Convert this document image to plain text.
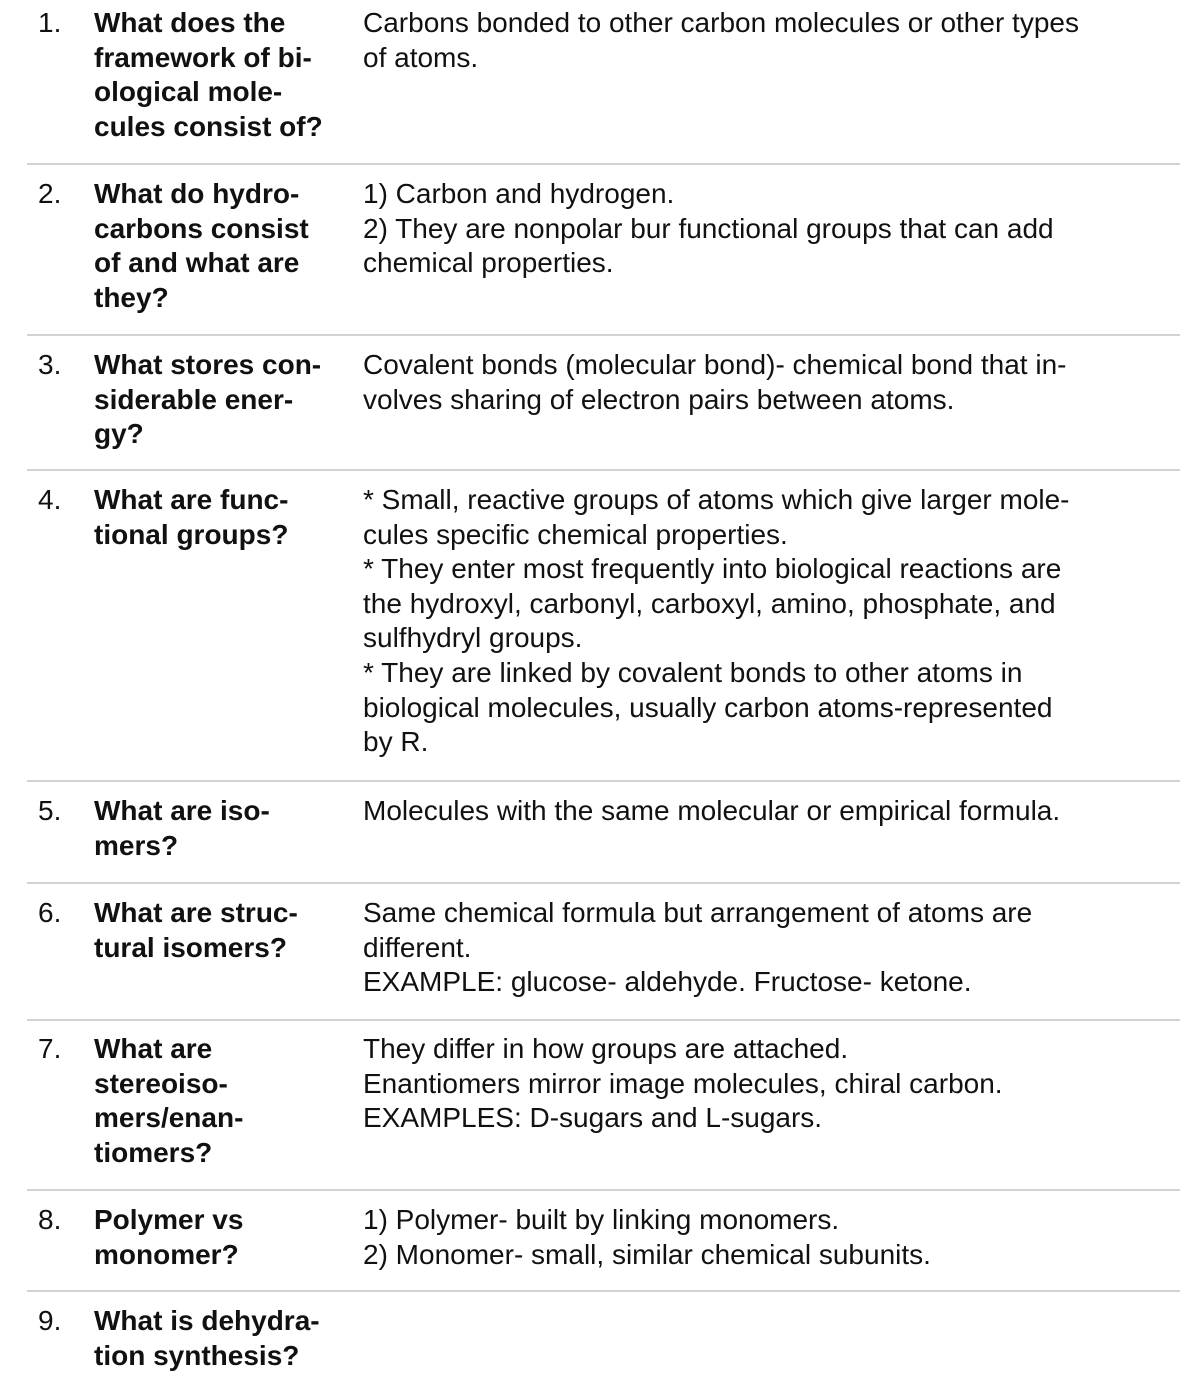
1. What does the
framework of bi-
ological mole-
cules consist of?
Carbons bonded to other carbon molecules or other types
of atoms.
2. What do hydro-
carbons consist
of and what are
they?
1) Carbon and hydrogen.
2) They are nonpolar bur functional groups that can add
chemical properties.
3. What stores con-
siderable ener-
gy?
Covalent bonds (molecular bond)- chemical bond that in-
volves sharing of electron pairs between atoms.
4. What are func-
tional groups?
* Small, reactive groups of atoms which give larger mole-
cules specific chemical properties.
* They enter most frequently into biological reactions are
the hydroxyl, carbonyl, carboxyl, amino, phosphate, and
sulfhydryl groups.
* They are linked by covalent bonds to other atoms in
biological molecules, usually carbon atoms-represented
by R.
5. What are iso-
mers?
Molecules with the same molecular or empirical formula.
6. What are struc-
tural isomers?
Same chemical formula but arrangement of atoms are
different.
EXAMPLE: glucose- aldehyde. Fructose- ketone.
7. What are
stereoiso-
mers/enan-
tiomers?
They differ in how groups are attached.
Enantiomers mirror image molecules, chiral carbon.
EXAMPLES: D-sugars and L-sugars.
8. Polymer vs
monomer?
1) Polymer- built by linking monomers.
2) Monomer- small, similar chemical subunits.
9. What is dehydra-
tion synthesis?
